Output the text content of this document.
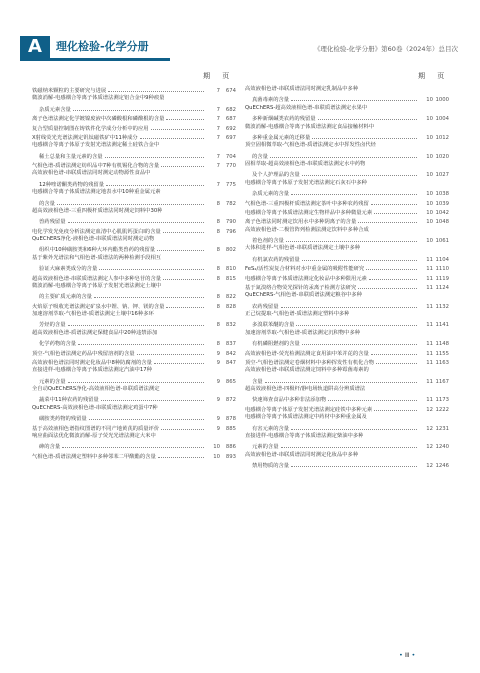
A	理化检验-化学分册	《理化检验-化学分册》第60卷（2024年）总目次
期 页	期 页
铁磁纳米颗粒的主要研究与进展	7	674
微波消解-电感耦合等离子体质谱法测定铝合金中9种痕量
杂质元素含量	7	682
离子色谱法测定化学镀镍废液中次磷酸根和磷酸根的含量	7	687
复合型质量控制图在铸铁件化学成分分析中的应用	7	692
X射线荧光光谱法测定钒钛磁铁矿中11种成分	7	697
电感耦合等离子体原子发射光谱法测定稀土硅铁合金中
稀土总量和主量元素的含量	7	704
气相色谱-质谱法测定纺织品中7种有机锡化合物的含量	7	770
高效液相色谱-串联质谱法同时测定动物源性食品中
12种喹诺酮类药物的残留量	7	775
电感耦合等离子体质谱法测定地表水中10种重金属元素
的含量	8	782
超高效液相色谱-三重四极杆质谱法同时测定饲料中30种
兽药残留量	8	790
电化学发光免疫分析法测定血清中心肌肌钙蛋白I的含量	8	796
QuEChERS净化-液相色谱-串联质谱法同时测定动物
组织中10种磺胺类和6种大环内酯类兽药的残留量	8	802
基于紫外光谱法和气相色谱-质谱法的两种检测手段相互
验证大麻素类成分的含量	8	810
超高效液相色谱-串联质谱法测定人参中多种皂苷的含量	8	815
微波消解-电感耦合等离子体原子发射光谱法测定土壤中
的主要矿质元素的含量	8	822
火焰原子吸收光谱法测定矿泉水中锂、钠、钾、镁的含量	8	828
加速溶剂萃取-气相色谱-质谱法测定土壤中16种多环
芳烃的含量	8	832
超高效液相色谱-质谱法测定保健食品中20种违禁添加
化学药物的含量	8	837
顶空-气相色谱法测定药品中残留溶剂的含量	9	842
高效液相色谱法同时测定化妆品中8种防腐剂的含量	9	847
直接进样-电感耦合等离子体质谱法测定汽油中17种
元素的含量	9	865
全自动QuEChERS净化-高效液相色谱-串联质谱法测定
蔬菜中11种农药的残留量	9	872
QuEChERS-高效液相色谱-串联质谱法测定鸡蛋中7种
磺胺类药物的残留量	9	878
基于高效液相色谱指纹图谱的不同产地黄芪的质量评价	9	885
响应曲面法优化微波消解-原子荧光光谱法测定大米中
砷的含量	10	886
气相色谱-质谱法测定塑料中多种邻苯二甲酸酯的含量	10	893
高效液相色谱-串联质谱法同时测定乳制品中多种
真菌毒素的含量	10 1000
QuEChERS-超高效液相色谱-串联质谱法测定水果中
多种新烟碱类农药的残留量	10 1004
微波消解-电感耦合等离子体质谱法测定食品接触材料中
多种重金属元素的迁移量	10 1012
顶空固相微萃取-气相色谱-质谱法测定水中挥发性卤代烃
的含量	10 1020
固相萃取-超高效液相色谱-串联质谱法测定水中药物
及个人护理品的含量	10 1027
电感耦合等离子体原子发射光谱法测定石灰石中多种
杂质元素的含量	10 1038
气相色谱-三重四极杆质谱法测定茶叶中多种农药残留	10 1039
电感耦合等离子体质谱法测定生物样品中多种微量元素	10 1042
离子色谱法同时测定饮用水中多种阴离子的含量	10 1048
高效液相色谱-二极管阵列检测法测定饮料中多种合成
着色剂的含量	10 1061
大体积进样-气相色谱-串联质谱法测定土壤中多种
有机氯农药的残留量	11 1104
FeS₂/活性炭复合材料对水中重金属的吸附性能研究	11 1110
电感耦合等离子体质谱法测定化妆品中多种限用元素	11 1119
基于氮溴络合物荧光探针的汞离子检测方法研究	11 1124
QuEChERS-气相色谱-串联质谱法测定粮谷中多种
农药残留量	11 1132
正己烷提取-气相色谱-质谱法测定塑料中多种
多溴联苯醚的含量	11 1141
加速溶剂萃取-气相色谱-质谱法测定沉积物中多种
有机磷阻燃剂的含量	11 1148
高效液相色谱-荧光检测法测定食用油中苯并芘的含量	11 1155
顶空-气相色谱法测定卷烟材料中多种挥发性有机化合物	11 1163
高效液相色谱-串联质谱法测定饲料中多种霉菌毒素的
含量	11 1167
超高效液相色谱-四极杆/静电场轨道阱高分辨质谱法
快速筛查食品中多种非法添加物	11 1173
电感耦合等离子体原子发射光谱法测定硅铁中多种元素	12 1222
电感耦合等离子体质谱法测定中药材中多种重金属及
有害元素的含量	12 1231
直接进样-电感耦合等离子体质谱法测定柴油中多种
元素的含量	12 1240
高效液相色谱-串联质谱法同时测定化妆品中多种
禁用物质的含量	12 1246
• Ⅲ •
